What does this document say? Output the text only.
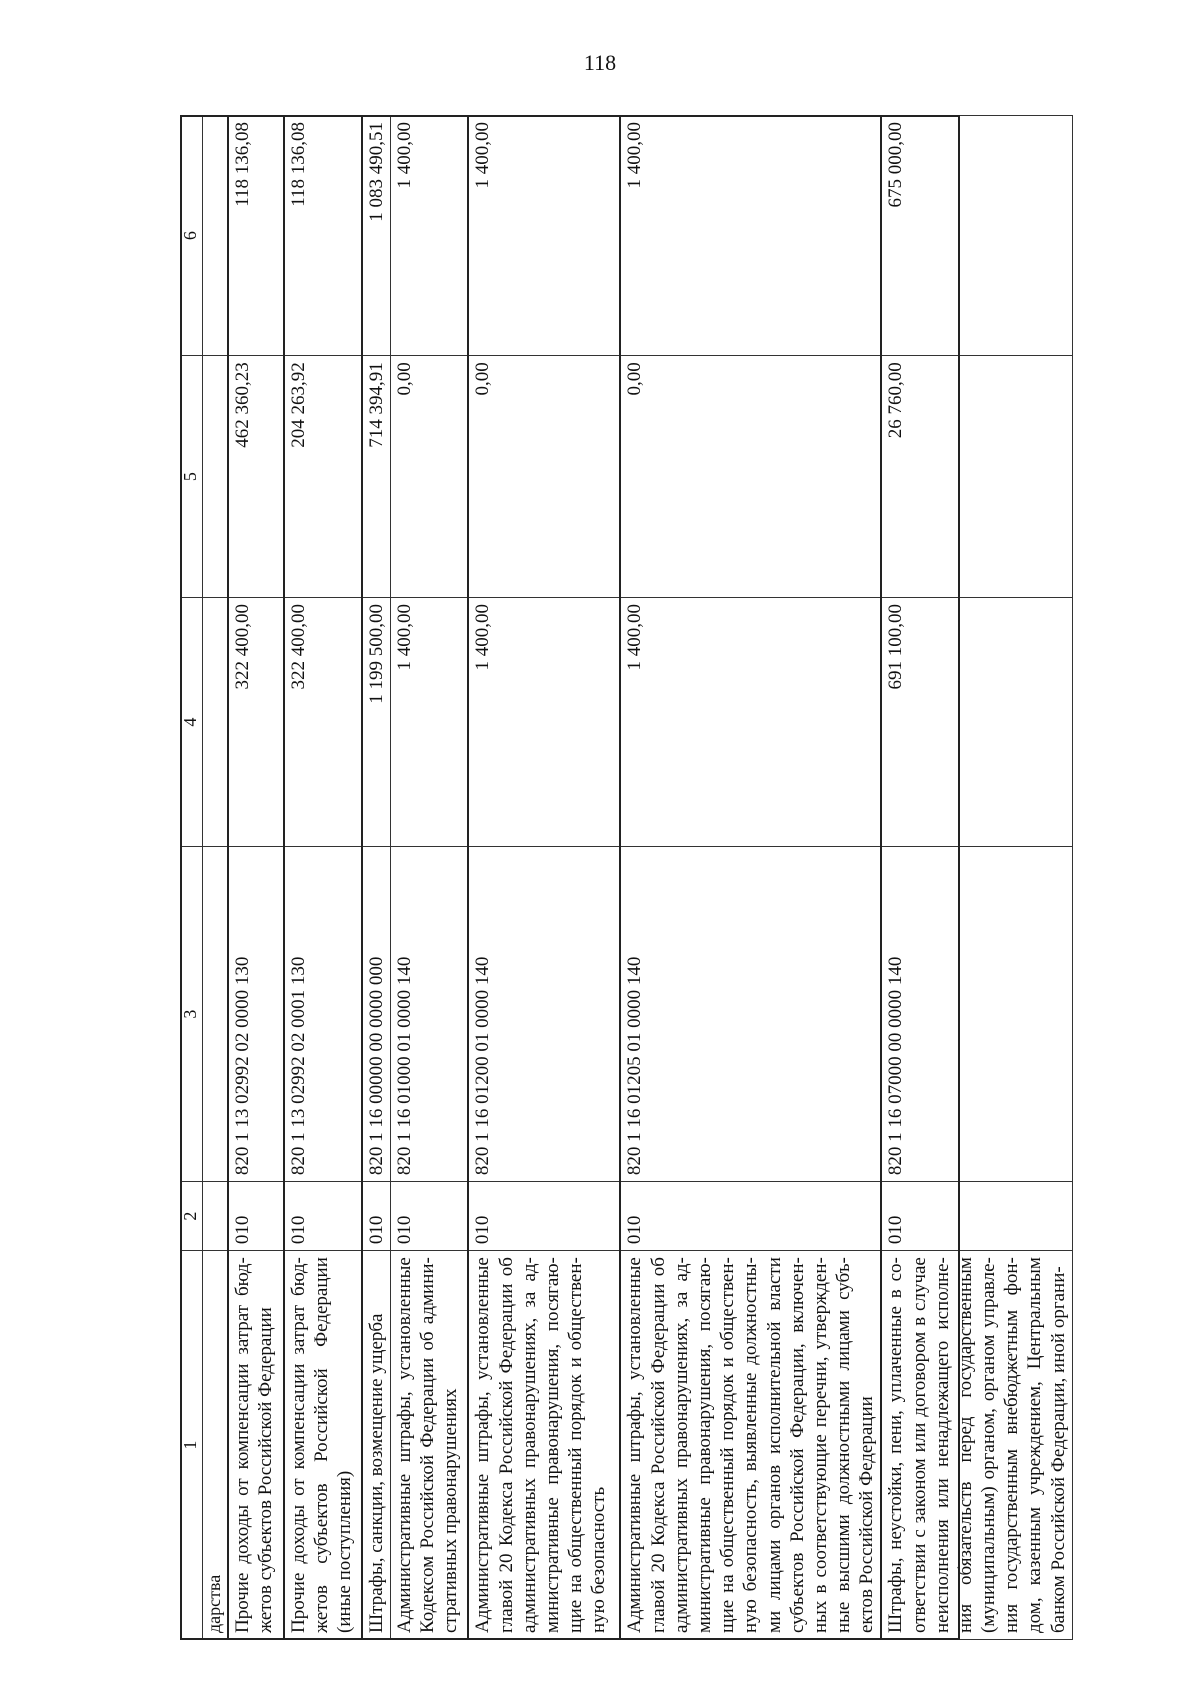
118
1	2	3	4	5	6
дарства					
Прочие доходы от компенсации затрат бюд-жетов субъектов Российской Федерации	010	820 1 13 02992 02 0000 130	322 400,00	462 360,23	118 136,08
Прочие доходы от компенсации затрат бюд-жетов субъектов Российской Федерации (иные поступления)	010	820 1 13 02992 02 0001 130	322 400,00	204 263,92	118 136,08
Штрафы, санкции, возмещение ущерба	010	820 1 16 00000 00 0000 000	1 199 500,00	714 394,91	1 083 490,51
Административные штрафы, установленные Кодексом Российской Федерации об админи-стративных правонарушениях	010	820 1 16 01000 01 0000 140	1 400,00	0,00	1 400,00
Административные штрафы, установленные главой 20 Кодекса Российской Федерации об административных правонарушениях, за ад-министративные правонарушения, посягаю-щие на общественный порядок и обществен-ную безопасность	010	820 1 16 01200 01 0000 140	1 400,00	0,00	1 400,00
Административные штрафы, установленные главой 20 Кодекса Российской Федерации об административных правонарушениях, за ад-министративные правонарушения, посягаю-щие на общественный порядок и обществен-ную безопасность, выявленные должностны-ми лицами органов исполнительной власти субъектов Российской Федерации, включен-ных в соответствующие перечни, утвержден-ные высшими должностными лицами субъ-ектов Российской Федерации	010	820 1 16 01205 01 0000 140	1 400,00	0,00	1 400,00
Штрафы, неустойки, пени, уплаченные в со-ответствии с законом или договором в случае неисполнения или ненадлежащего исполне-ния обязательств перед государственным (муниципальным) органом, органом управле-ния государственным внебюджетным фон-дом, казенным учреждением, Центральным банком Российской Федерации, иной органи-	010	820 1 16 07000 00 0000 140	691 100,00	26 760,00	675 000,00
